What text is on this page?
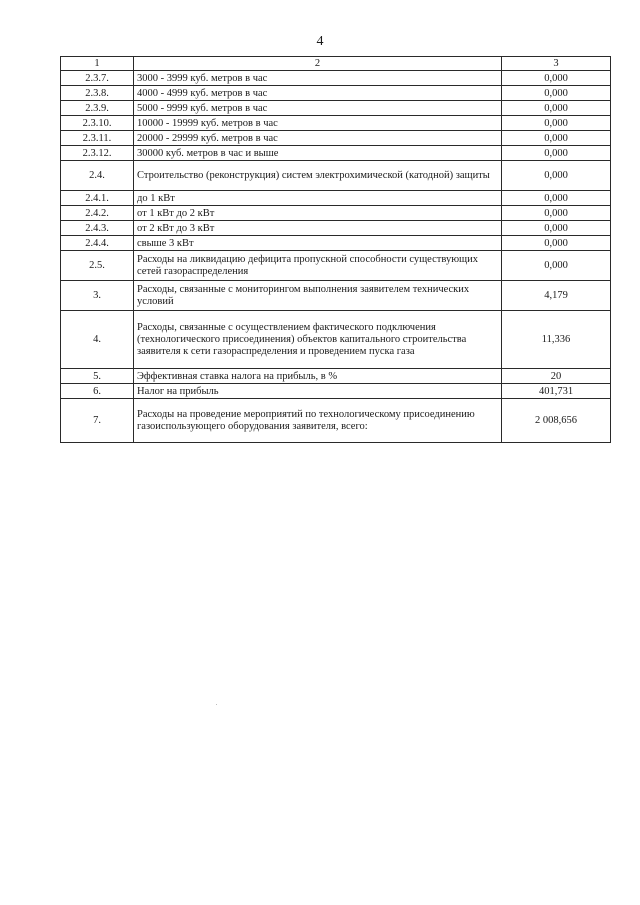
4
1	2	3
2.3.7.	3000 - 3999 куб. метров в час	0,000
2.3.8.	4000 - 4999 куб. метров в час	0,000
2.3.9.	5000 - 9999 куб. метров в час	0,000
2.3.10.	10000 - 19999 куб. метров в час	0,000
2.3.11.	20000 - 29999 куб. метров в час	0,000
2.3.12.	30000 куб. метров в час и выше	0,000
2.4.	Строительство (реконструкция) систем электрохимической (катодной) защиты	0,000
2.4.1.	до 1 кВт	0,000
2.4.2.	от 1 кВт до 2 кВт	0,000
2.4.3.	от 2 кВт до 3 кВт	0,000
2.4.4.	свыше 3 кВт	0,000
2.5.	Расходы на ликвидацию дефицита пропускной способности существующих сетей газораспределения	0,000
3.	Расходы, связанные с мониторингом выполнения заявителем технических условий	4,179
4.	Расходы, связанные с осуществлением фактического подключения (технологического присоединения) объектов капитального строительства заявителя к сети газораспределения и проведением пуска газа	11,336
5.	Эффективная ставка налога на прибыль, в %	20
6.	Налог на прибыль	401,731
7.	Расходы на проведение мероприятий по технологическому присоединению газоиспользующего оборудования заявителя, всего:	2 008,656
